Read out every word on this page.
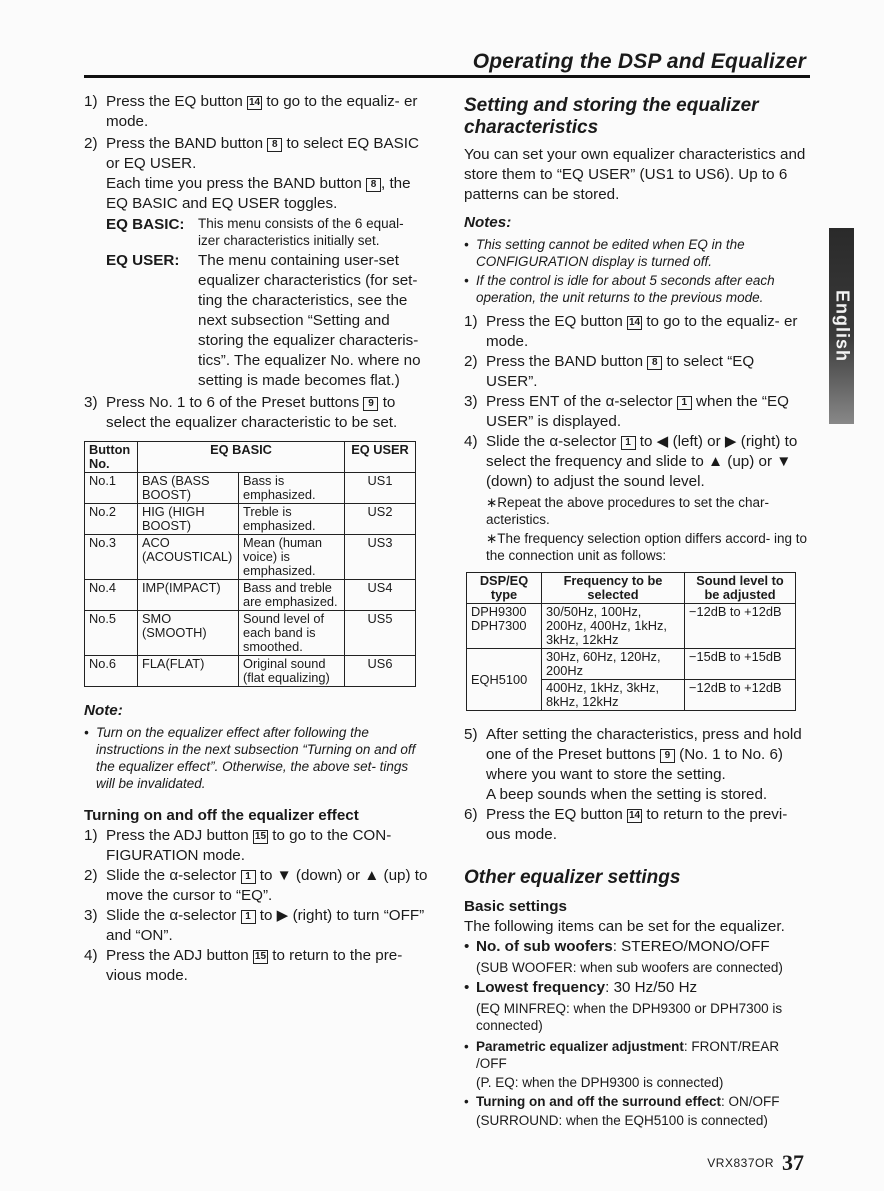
Operating the DSP and Equalizer
English
1) Press the EQ button 14 to go to the equaliz- er mode.
2) Press the BAND button 8 to select EQ BASIC or EQ USER.
Each time you press the BAND button 8 , the EQ BASIC and EQ USER toggles.
EQ BASIC:	This menu consists of the 6 equal- izer characteristics initially set.
EQ USER:	The menu containing user-set equalizer characteristics (for set- ting the characteristics, see the next subsection “Setting and storing the equalizer characteris- tics”. The equalizer No. where no setting is made becomes flat.)
3) Press No. 1 to 6 of the Preset buttons 9 to select the equalizer characteristic to be set.
Button No.	EQ BASIC		EQ USER
No.1	BAS (BASS BOOST)	Bass is emphasized.	US1
No.2	HIG (HIGH BOOST)	Treble is emphasized.	US2
No.3	ACO (ACOUSTICAL)	Mean (human voice) is emphasized.	US3
No.4	IMP(IMPACT)	Bass and treble are emphasized.	US4
No.5	SMO (SMOOTH)	Sound level of each band is smoothed.	US5
No.6	FLA(FLAT)	Original sound (flat equalizing)	US6

Note:

• Turn on the equalizer effect after following the instructions in the next subsection “Turning on and off the equalizer effect”. Otherwise, the above set- tings will be invalidated.

Turning on and off the equalizer effect

1) Press the ADJ button 15 to go to the CON- FIGURATION mode.
2) Slide the α-selector 1 to ▼ (down) or ▲ (up) to move the cursor to “EQ”.
3) Slide the α-selector 1 to ▶ (right) to turn “OFF” and “ON”.
4) Press the ADJ button 15 to return to the pre- vious mode.

Setting and storing the equalizer characteristics

You can set your own equalizer characteristics and store them to “EQ USER” (US1 to US6). Up to 6 patterns can be stored.

Notes:

• This setting cannot be edited when EQ in the CONFIGURATION display is turned off.
• If the control is idle for about 5 seconds after each operation, the unit returns to the previous mode.
1) Press the EQ button 14 to go to the equaliz- er mode.
2) Press the BAND button 8 to select “EQ USER”.
3) Press ENT of the α-selector 1 when the “EQ USER” is displayed.
4) Slide the α-selector 1 to ◀ (left) or ▶ (right) to select the frequency and slide to ▲ (up) or ▼ (down) to adjust the sound level.

∗Repeat the above procedures to set the char- acteristics.

∗The frequency selection option differs accord- ing to the connection unit as follows:

DSP/EQ type	Frequency to be selected	Sound level to be adjusted
DPH9300 DPH7300	30/50Hz, 100Hz, 200Hz, 400Hz, 1kHz, 3kHz, 12kHz	−12dB to +12dB
EQH5100	30Hz, 60Hz, 120Hz, 200Hz	−15dB to +15dB
	400Hz, 1kHz, 3kHz, 8kHz, 12kHz	−12dB to +12dB
5) After setting the characteristics, press and hold one of the Preset buttons 9 (No. 1 to No. 6) where you want to store the setting.
A beep sounds when the setting is stored.
6) Press the EQ button 14 to return to the previ- ous mode.

Other equalizer settings

Basic settings

The following items can be set for the equalizer.

• No. of sub woofers: STEREO/MONO/OFF

(SUB WOOFER: when sub woofers are connected)

• Lowest frequency: 30 Hz/50 Hz

(EQ MINFREQ: when the DPH9300 or DPH7300 is connected)

• Parametric equalizer adjustment: FRONT/REAR /OFF

(P. EQ: when the DPH9300 is connected)

• Turning on and off the surround effect: ON/OFF

(SURROUND: when the EQH5100 is connected)

VRX837OR 37
